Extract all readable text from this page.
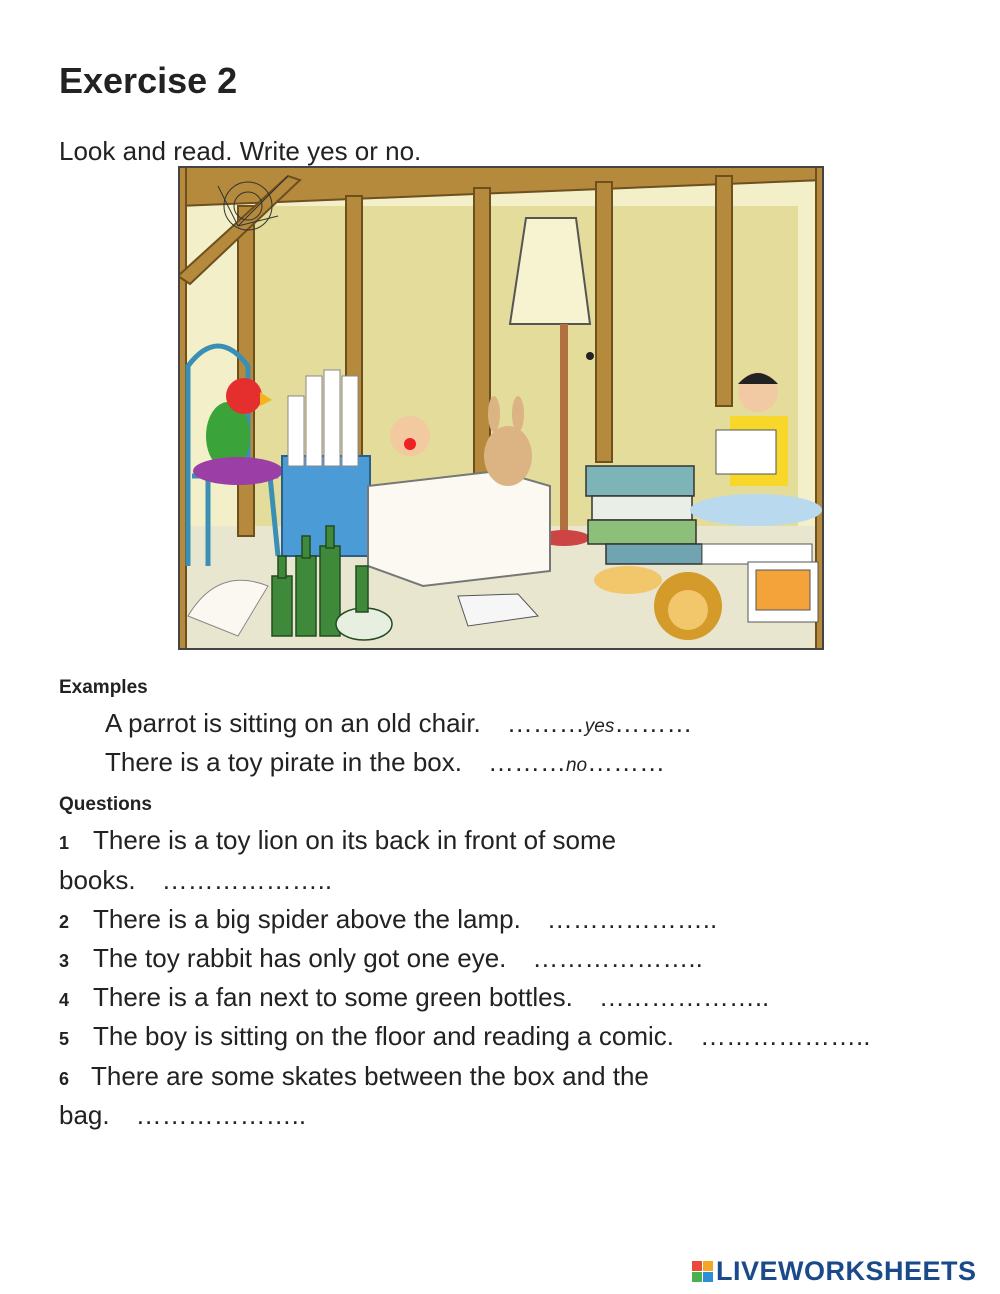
Exercise 2

Look and read. Write yes or no.

Examples

A parrot is sitting on an old chair. ………yes………

There is a toy pirate in the box. ………no………

Questions

1 There is a toy lion on its back in front of some

books. ………………..

2 There is a big spider above the lamp. ………………..

3 The toy rabbit has only got one eye. ………………..

4 There is a fan next to some green bottles. ………………..

5 The boy is sitting on the floor and reading a comic. ………………..

6 There are some skates between the box and the

bag. ………………..

LIVEWORKSHEETS
